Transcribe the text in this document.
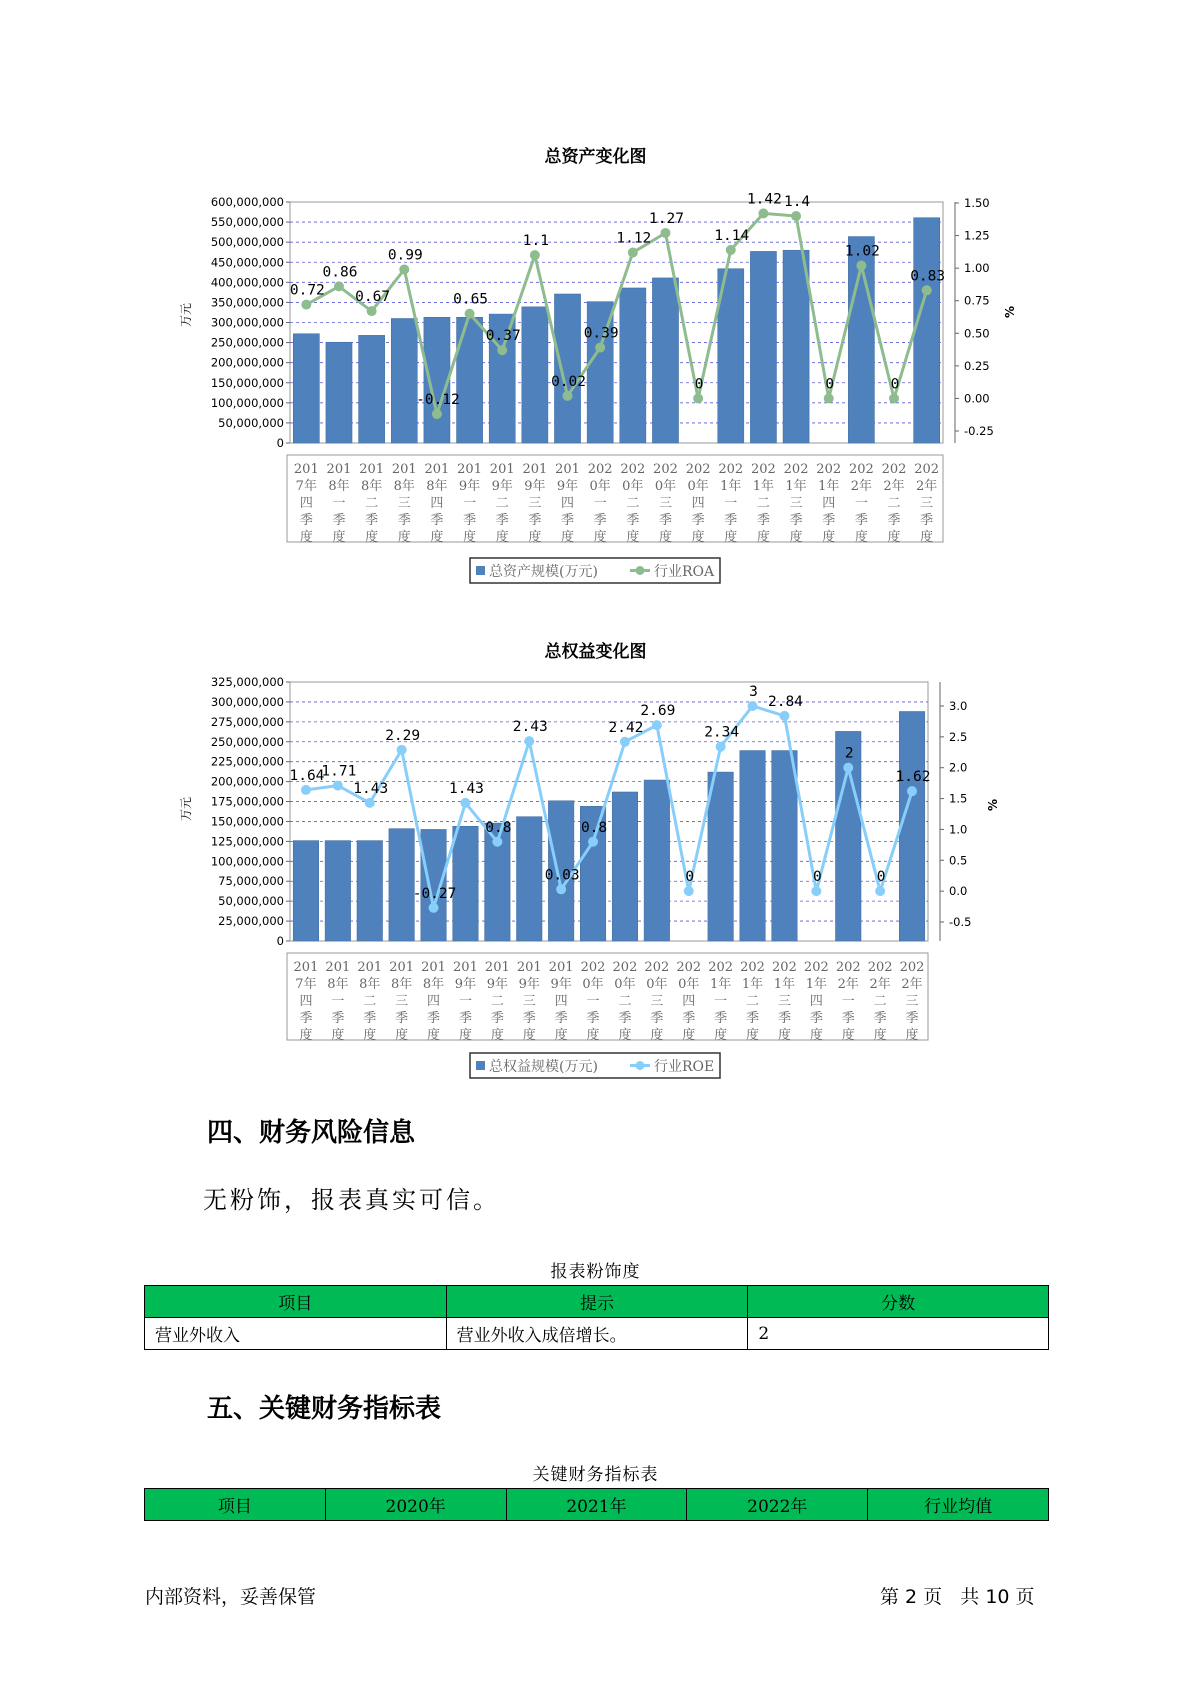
总资产变化图
0
50,000,000
100,000,000
150,000,000
200,000,000
250,000,000
300,000,000
350,000,000
400,000,000
450,000,000
500,000,000
550,000,000
600,000,000
-0.25
0.00
0.25
0.50
0.75
1.00
1.25
1.50
万元	%
0.72
0.86
0.67
0.99
-0.12
0.65
0.37
1.1
0.02
0.39
1.12
1.27
0
1.14
1.42 1.4
0
1.02
0
0.83
201 7年四季度
201 8年一季度
201 8年二季度
201 8年三季度
201 8年四季度
201 9年一季度
201 9年二季度
201 9年三季度
201 9年四季度
202 0年一季度
202 0年二季度
202 0年三季度
202 0年四季度
202 1年一季度
202 1年二季度
202 1年三季度
202 1年四季度
202 2年一季度
202 2年二季度
202 2年三季度
总资产规模(万元)	行业ROA
总权益变化图
0
25,000,000
50,000,000
75,000,000
100,000,000
125,000,000
150,000,000
175,000,000
200,000,000
225,000,000
250,000,000
275,000,000
300,000,000
325,000,000
-0.5
0.0
0.5
1.0
1.5
2.0
2.5
3.0
万元	%
1.64
1.71
1.43
2.29
-0.27
1.43
0.8
2.43
0.03
0.8
2.42
2.69
0
2.34
3
2.84
0
2
0
1.62
201 7年四季度
201 8年一季度
201 8年二季度
201 8年三季度
201 8年四季度
201 9年一季度
201 9年二季度
201 9年三季度
201 9年四季度
202 0年一季度
202 0年二季度
202 0年三季度
202 0年四季度
202 1年一季度
202 1年二季度
202 1年三季度
202 1年四季度
202 2年一季度
202 2年二季度
202 2年三季度
总权益规模(万元)	行业ROE
四、财务风险信息

无粉饰，报表真实可信。

报表粉饰度
项目	提示	分数
营业外收入	营业外收入成倍增长。	2
五、关键财务指标表
关键财务指标表
项目	2020年	2021年	2022年	行业均值
内部资料，妥善保管	第 2 页   共 10 页
